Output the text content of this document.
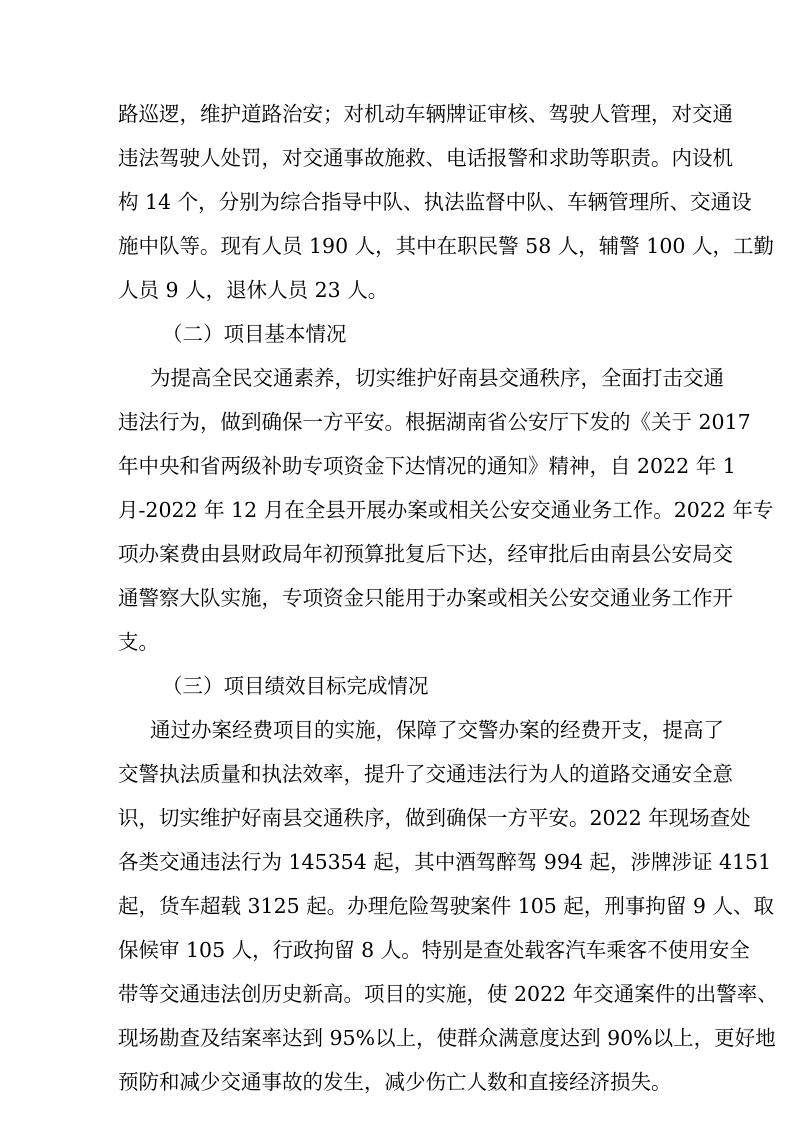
路巡逻，维护道路治安；对机动车辆牌证审核、驾驶人管理，对交通
违法驾驶人处罚，对交通事故施救、电话报警和求助等职责。内设机
构 14 个，分别为综合指导中队、执法监督中队、车辆管理所、交通设
施中队等。现有人员 190 人，其中在职民警 58 人，辅警 100 人，工勤
人员 9 人，退休人员 23 人。
（二）项目基本情况
为提高全民交通素养，切实维护好南县交通秩序，全面打击交通
违法行为，做到确保一方平安。根据湖南省公安厅下发的《关于 2017
年中央和省两级补助专项资金下达情况的通知》精神，自 2022 年 1
月-2022 年 12 月在全县开展办案或相关公安交通业务工作。2022 年专
项办案费由县财政局年初预算批复后下达，经审批后由南县公安局交
通警察大队实施，专项资金只能用于办案或相关公安交通业务工作开
支。
（三）项目绩效目标完成情况
通过办案经费项目的实施，保障了交警办案的经费开支，提高了
交警执法质量和执法效率，提升了交通违法行为人的道路交通安全意
识，切实维护好南县交通秩序，做到确保一方平安。2022 年现场查处
各类交通违法行为 145354 起，其中酒驾醉驾 994 起，涉牌涉证 4151
起，货车超载 3125 起。办理危险驾驶案件 105 起，刑事拘留 9 人、取
保候审 105 人，行政拘留 8 人。特别是查处载客汽车乘客不使用安全
带等交通违法创历史新高。项目的实施，使 2022 年交通案件的出警率、
现场勘查及结案率达到 95%以上，使群众满意度达到 90%以上，更好地
预防和减少交通事故的发生，减少伤亡人数和直接经济损失。
